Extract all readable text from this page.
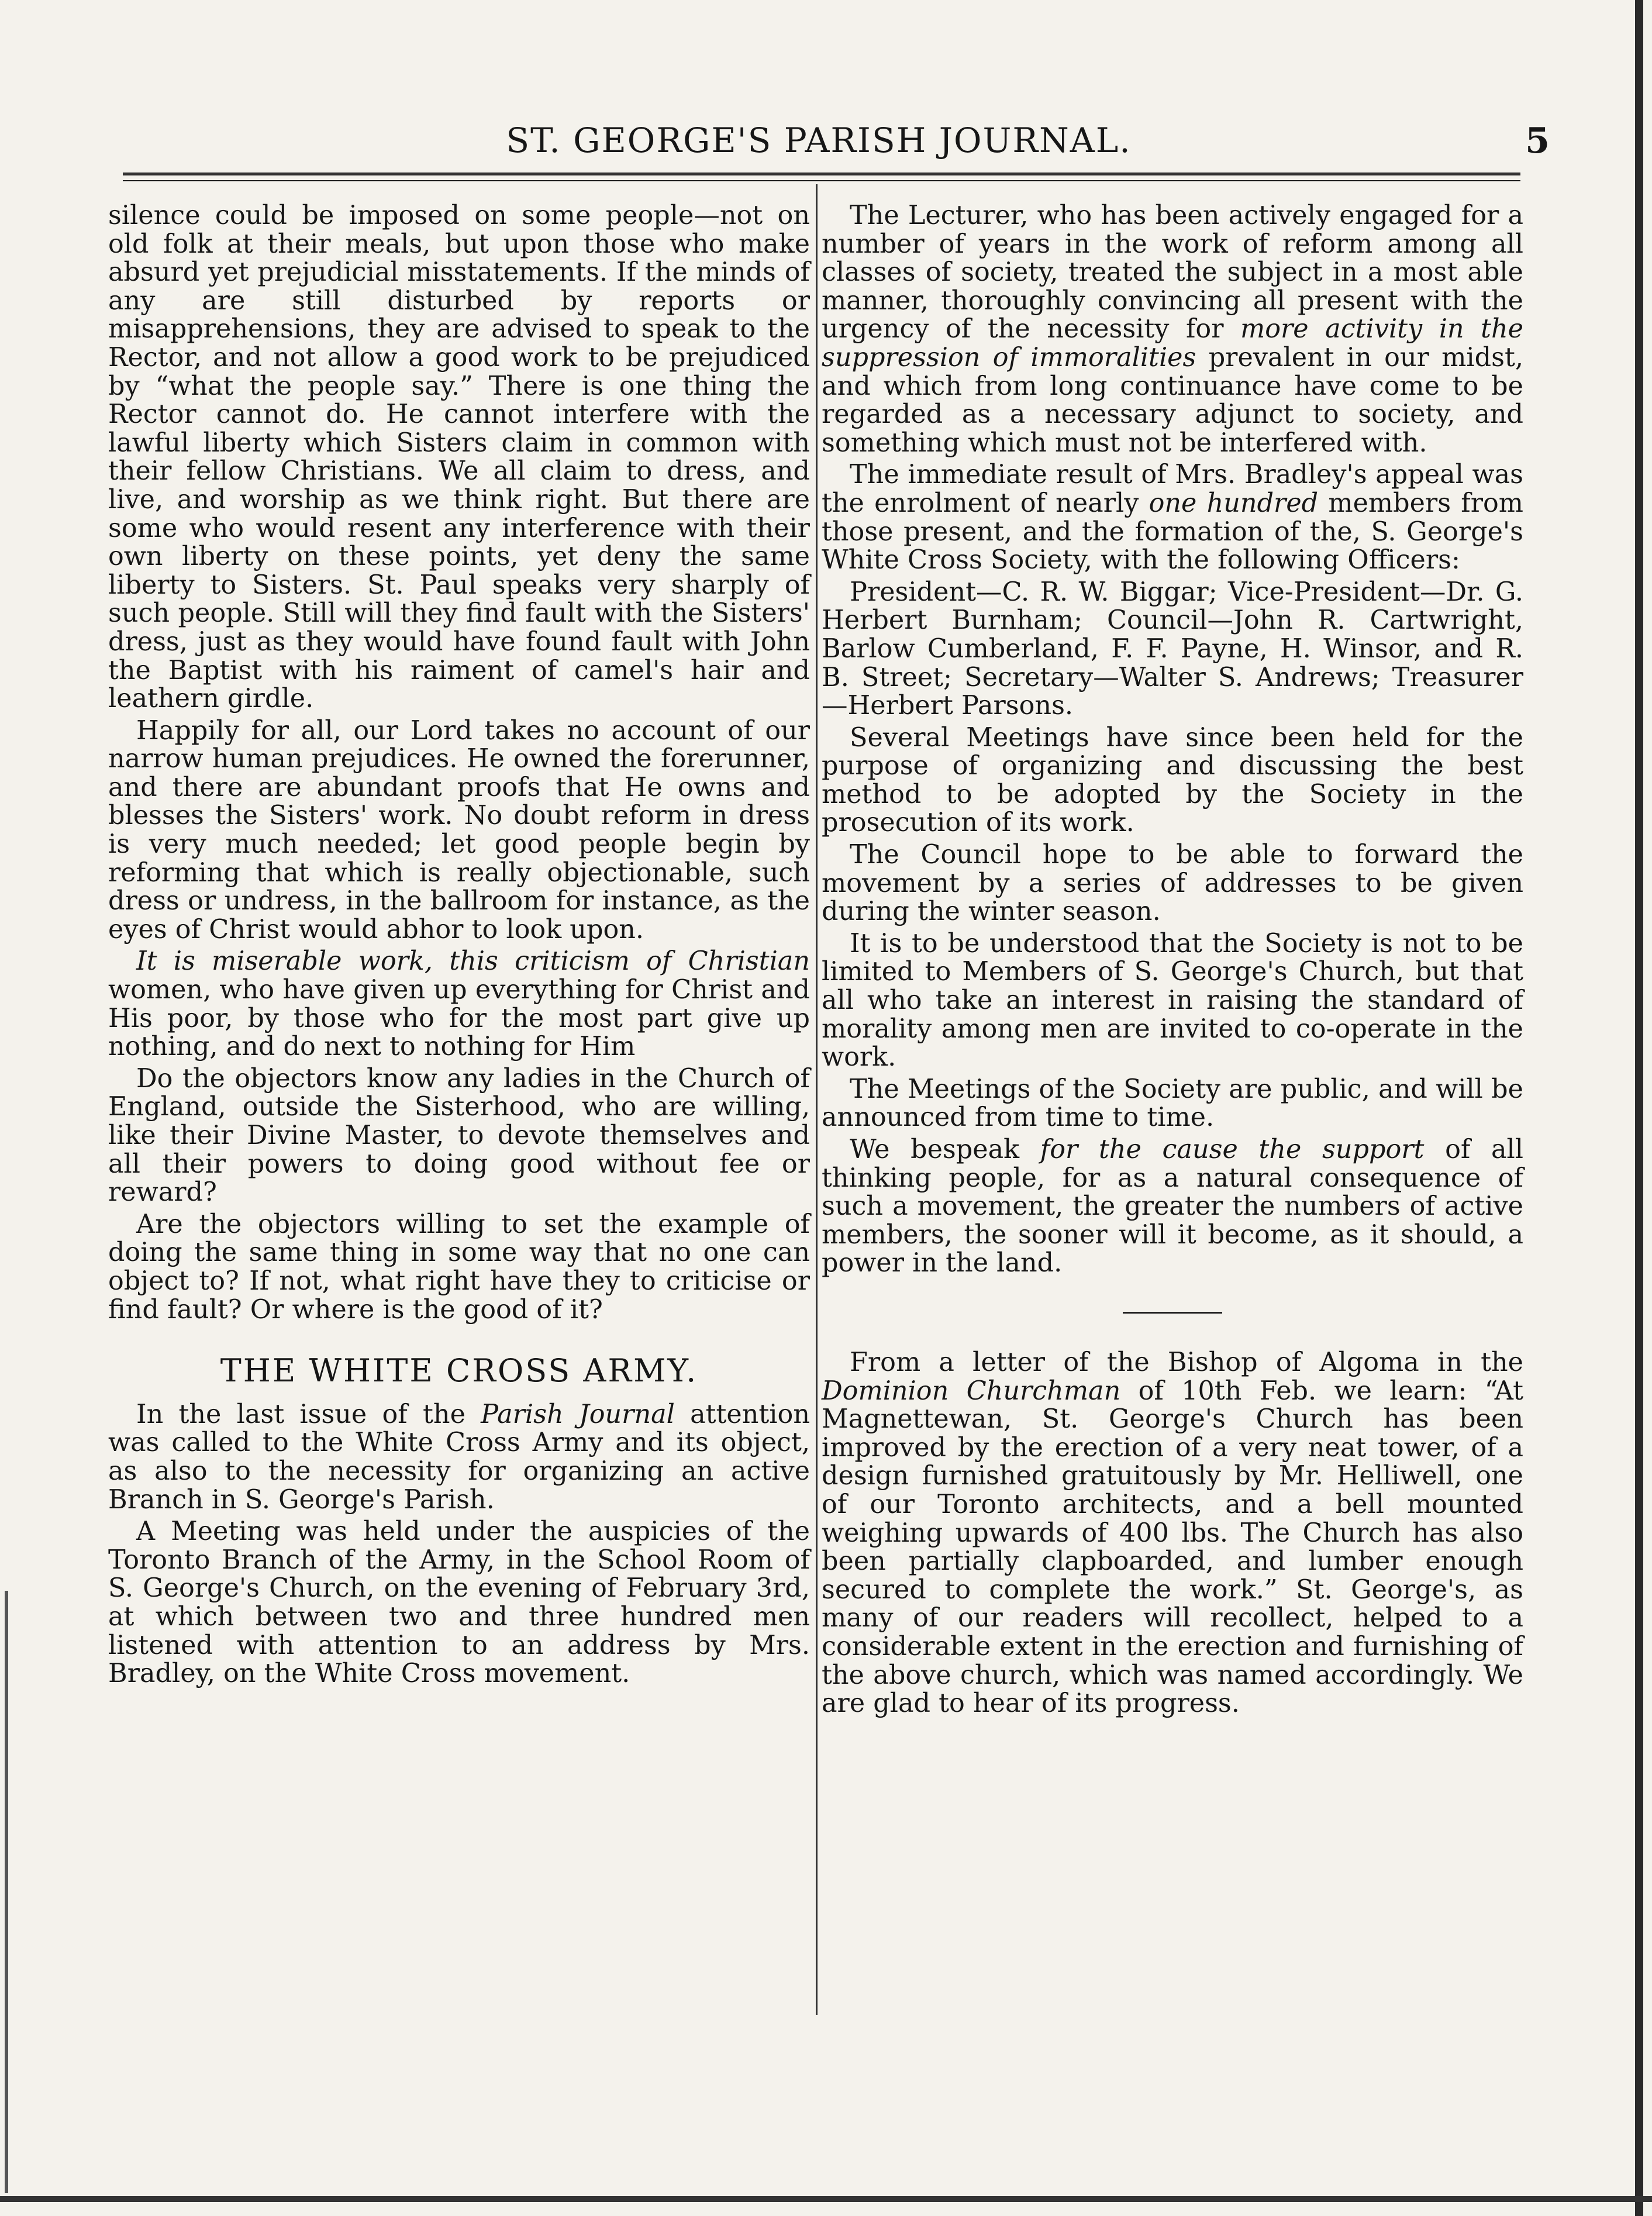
ST. GEORGE'S PARISH JOURNAL.	5

silence could be imposed on some people—not on old folk at their meals, but upon those who make absurd yet prejudicial misstatements. If the minds of any are still disturbed by reports or misapprehensions, they are advised to speak to the Rector, and not allow a good work to be prejudiced by “what the people say.” There is one thing the Rector cannot do. He cannot interfere with the lawful liberty which Sisters claim in common with their fellow Christians. We all claim to dress, and live, and worship as we think right. But there are some who would resent any interference with their own liberty on these points, yet deny the same liberty to Sisters. St. Paul speaks very sharply of such people. Still will they find fault with the Sisters' dress, just as they would have found fault with John the Baptist with his raiment of camel's hair and leathern girdle.

Happily for all, our Lord takes no account of our narrow human prejudices. He owned the forerunner, and there are abundant proofs that He owns and blesses the Sisters' work. No doubt reform in dress is very much needed; let good people begin by reforming that which is really objectionable, such dress or undress, in the ballroom for instance, as the eyes of Christ would abhor to look upon.

It is miserable work, this criticism of Christian women, who have given up everything for Christ and His poor, by those who for the most part give up nothing, and do next to nothing for Him

Do the objectors know any ladies in the Church of England, outside the Sisterhood, who are willing, like their Divine Master, to devote themselves and all their powers to doing good without fee or reward?

Are the objectors willing to set the example of doing the same thing in some way that no one can object to? If not, what right have they to criticise or find fault? Or where is the good of it?

THE WHITE CROSS ARMY.

In the last issue of the Parish Journal attention was called to the White Cross Army and its object, as also to the necessity for organizing an active Branch in S. George's Parish.

A Meeting was held under the auspicies of the Toronto Branch of the Army, in the School Room of S. George's Church, on the evening of February 3rd, at which between two and three hundred men listened with attention to an address by Mrs. Bradley, on the White Cross movement.

The Lecturer, who has been actively engaged for a number of years in the work of reform among all classes of society, treated the subject in a most able manner, thoroughly convincing all present with the urgency of the necessity for more activity in the suppression of immoralities prevalent in our midst, and which from long continuance have come to be regarded as a necessary adjunct to society, and something which must not be interfered with.

The immediate result of Mrs. Bradley's appeal was the enrolment of nearly one hundred members from those present, and the formation of the, S. George's White Cross Society, with the following Officers:

President—C. R. W. Biggar; Vice-President—Dr. G. Herbert Burnham; Council—John R. Cartwright, Barlow Cumberland, F. F. Payne, H. Winsor, and R. B. Street; Secretary—Walter S. Andrews; Treasurer—Herbert Parsons.

Several Meetings have since been held for the purpose of organizing and discussing the best method to be adopted by the Society in the prosecution of its work.

The Council hope to be able to forward the movement by a series of addresses to be given during the winter season.

It is to be understood that the Society is not to be limited to Members of S. George's Church, but that all who take an interest in raising the standard of morality among men are invited to co-operate in the work.

The Meetings of the Society are public, and will be announced from time to time.

We bespeak for the cause the support of all thinking people, for as a natural consequence of such a movement, the greater the numbers of active members, the sooner will it become, as it should, a power in the land.

From a letter of the Bishop of Algoma in the Dominion Churchman of 10th Feb. we learn: “At Magnettewan, St. George's Church has been improved by the erection of a very neat tower, of a design furnished gratuitously by Mr. Helliwell, one of our Toronto architects, and a bell mounted weighing upwards of 400 lbs. The Church has also been partially clapboarded, and lumber enough secured to complete the work.” St. George's, as many of our readers will recollect, helped to a considerable extent in the erection and furnishing of the above church, which was named accordingly. We are glad to hear of its progress.
